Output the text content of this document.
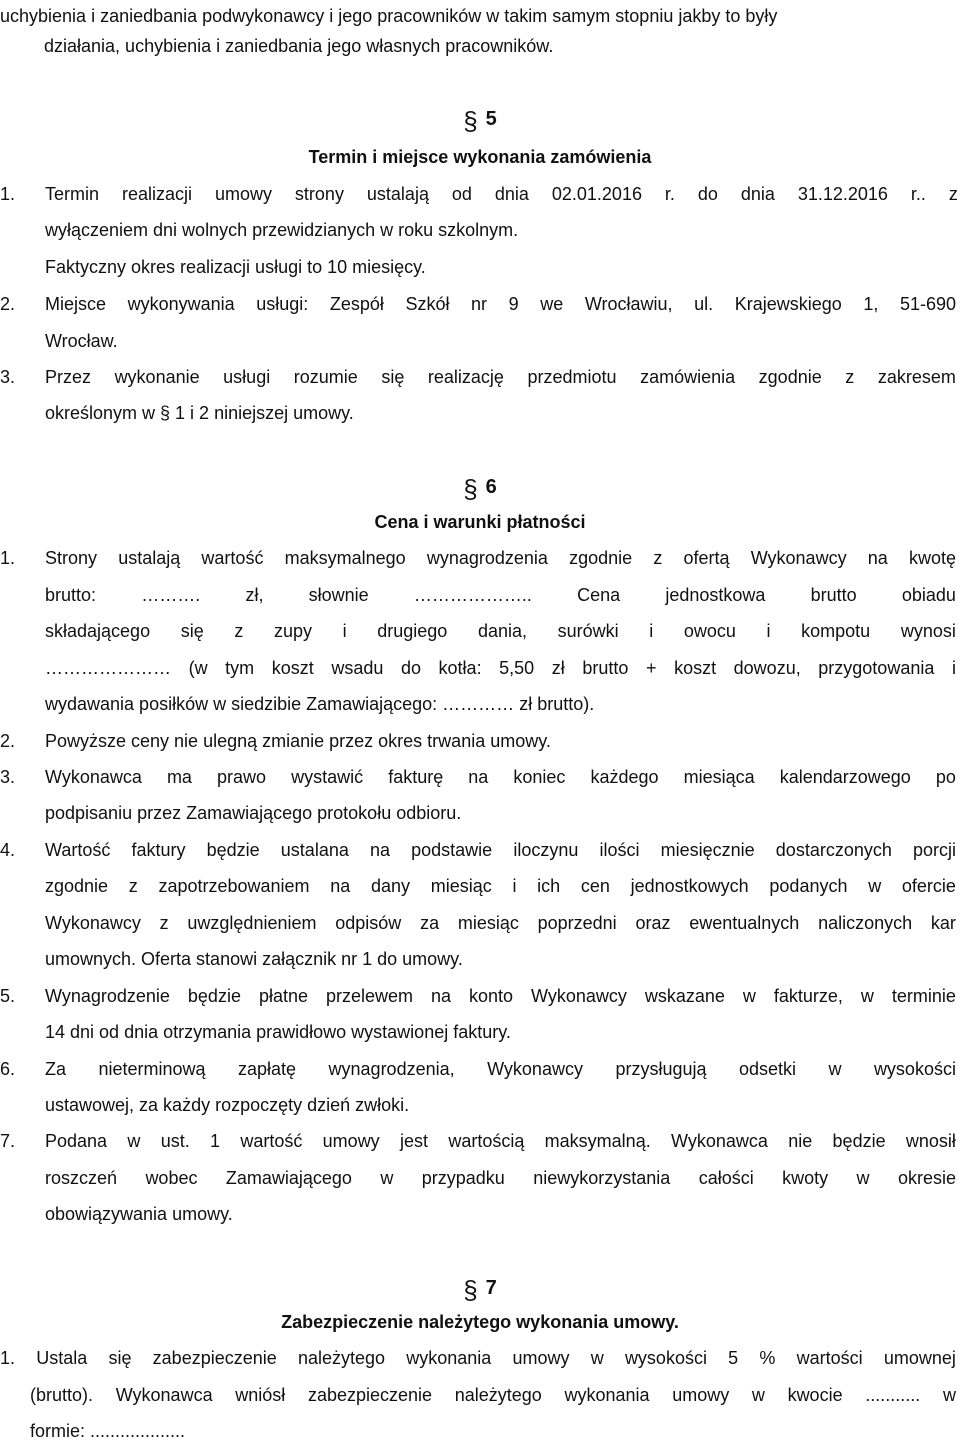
uchybienia i zaniedbania podwykonawcy i jego pracowników w takim samym stopniu jakby to były
działania, uchybienia i zaniedbania jego własnych pracowników.
§ 5
Termin i miejsce wykonania zamówienia
1. Termin realizacji umowy strony ustalają od dnia 02.01.2016 r. do dnia 31.12.2016 r.. z
wyłączeniem dni wolnych przewidzianych w roku szkolnym.
Faktyczny okres realizacji usługi to 10 miesięcy.
2. Miejsce wykonywania usługi: Zespół Szkół nr 9 we Wrocławiu, ul. Krajewskiego 1, 51-690
Wrocław.
3. Przez wykonanie usługi rozumie się realizację przedmiotu zamówienia zgodnie z zakresem
określonym w § 1 i 2 niniejszej umowy.
§ 6
Cena i warunki płatności
1. Strony ustalają wartość maksymalnego wynagrodzenia zgodnie z ofertą Wykonawcy na kwotę
brutto:	……….	zł,	słownie	………………..	Cena	jednostkowa	brutto	obiadu
składającego się z zupy i drugiego dania, surówki i owocu i kompotu wynosi
………………… (w tym koszt wsadu do kotła: 5,50 zł brutto + koszt dowozu, przygotowania i
wydawania posiłków w siedzibie Zamawiającego: ………… zł brutto).
2. Powyższe ceny nie ulegną zmianie przez okres trwania umowy.
3. Wykonawca ma prawo wystawić fakturę na koniec każdego miesiąca kalendarzowego po
podpisaniu przez Zamawiającego protokołu odbioru.
4. Wartość faktury będzie ustalana na podstawie iloczynu ilości miesięcznie dostarczonych porcji
zgodnie z zapotrzebowaniem na dany miesiąc i ich cen jednostkowych podanych w ofercie
Wykonawcy z uwzględnieniem odpisów za miesiąc poprzedni oraz ewentualnych naliczonych kar
umownych. Oferta stanowi załącznik nr 1 do umowy.
5. Wynagrodzenie będzie płatne przelewem na konto Wykonawcy wskazane w fakturze, w terminie
14 dni od dnia otrzymania prawidłowo wystawionej faktury.
6. Za nieterminową zapłatę wynagrodzenia, Wykonawcy przysługują odsetki w wysokości
ustawowej, za każdy rozpoczęty dzień zwłoki.
7. Podana w ust. 1 wartość umowy jest wartością maksymalną. Wykonawca nie będzie wnosił
roszczeń wobec Zamawiającego w przypadku niewykorzystania całości kwoty w okresie
obowiązywania umowy.
§ 7
Zabezpieczenie należytego wykonania umowy.
1. Ustala się zabezpieczenie należytego wykonania umowy w wysokości 5 % wartości umownej
(brutto). Wykonawca wniósł zabezpieczenie należytego wykonania umowy w kwocie ........... w
formie: ...................
